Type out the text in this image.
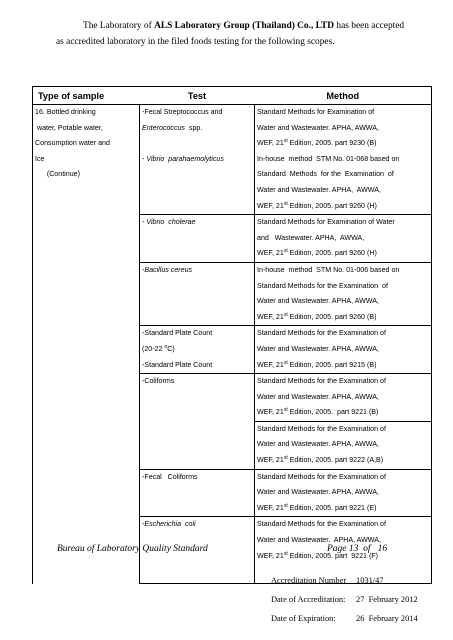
The Laboratory of ALS Laboratory Group (Thailand) Co., LTD has been accepted
as accredited laboratory in the filed foods testing for the following scopes.
Type of sample	Test	Method

16. Bottled drinking
water, Potable water,
Consumption water and
Ice
(Continue)	-Fecal Streptococcus and
Enterococcus  spp.	Standard Methods for Examination of
Water and Wastewater. APHA, AWWA,
WEF, 21st Edition, 2005. part 9230 (B)

	- Vibrio  parahaemolyticus	In-house  method  STM No. 01-068 based on
Standard  Methods  for the  Examination  of
Water and Wastewater. APHA,  AWWA,
WEF, 21st Edition, 2005. part 9260 (H)

	- Vibrio  cholerae	Standard Methods for Examination of Water
and   Wastewater. APHA,  AWWA,
WEF, 21st Edition, 2005. part 9260 (H)

	-Bacillus cereus	In-house  method  STM No. 01-006 based on
Standard Methods for the Examination  of
Water and Wastewater. APHA, AWWA,
WEF, 21st Edition, 2005. part 9260 (B)

	-Standard Plate Count
(20-22 $^o$C)
-Standard Plate Count	Standard Methods for the Examination of
Water and Wastewater. APHA, AWWA,
WEF, 21st Edition, 2005. part 9215 (B)

	-Coliforms	Standard Methods for the Examination of
Water and Wastewater. APHA, AWWA,
WEF, 21st Edition, 2005.  part 9221 (B)

		Standard Methods for the Examination of
Water and Wastewater. APHA, AWWA,
WEF, 21st Edition, 2005. part 9222 (A,B)

	-Fecal   Coliforms	Standard Methods for the Examination of
Water and Wastewater. APHA, AWWA,
WEF, 21st Edition, 2005. part 9221 (E)

	-Escherichia  coli	Standard Methods for the Examination of
Water and Wastewater.  APHA, AWWA,
WEF, 21st Edition, 2005. part  9221 (F)
Bureau of Laboratory Quality Standard	Page 13  of   16
Accreditation Number 1031/47
Date of Accreditation: 27  February 2012
Date of Expiration: 26  February 2014
